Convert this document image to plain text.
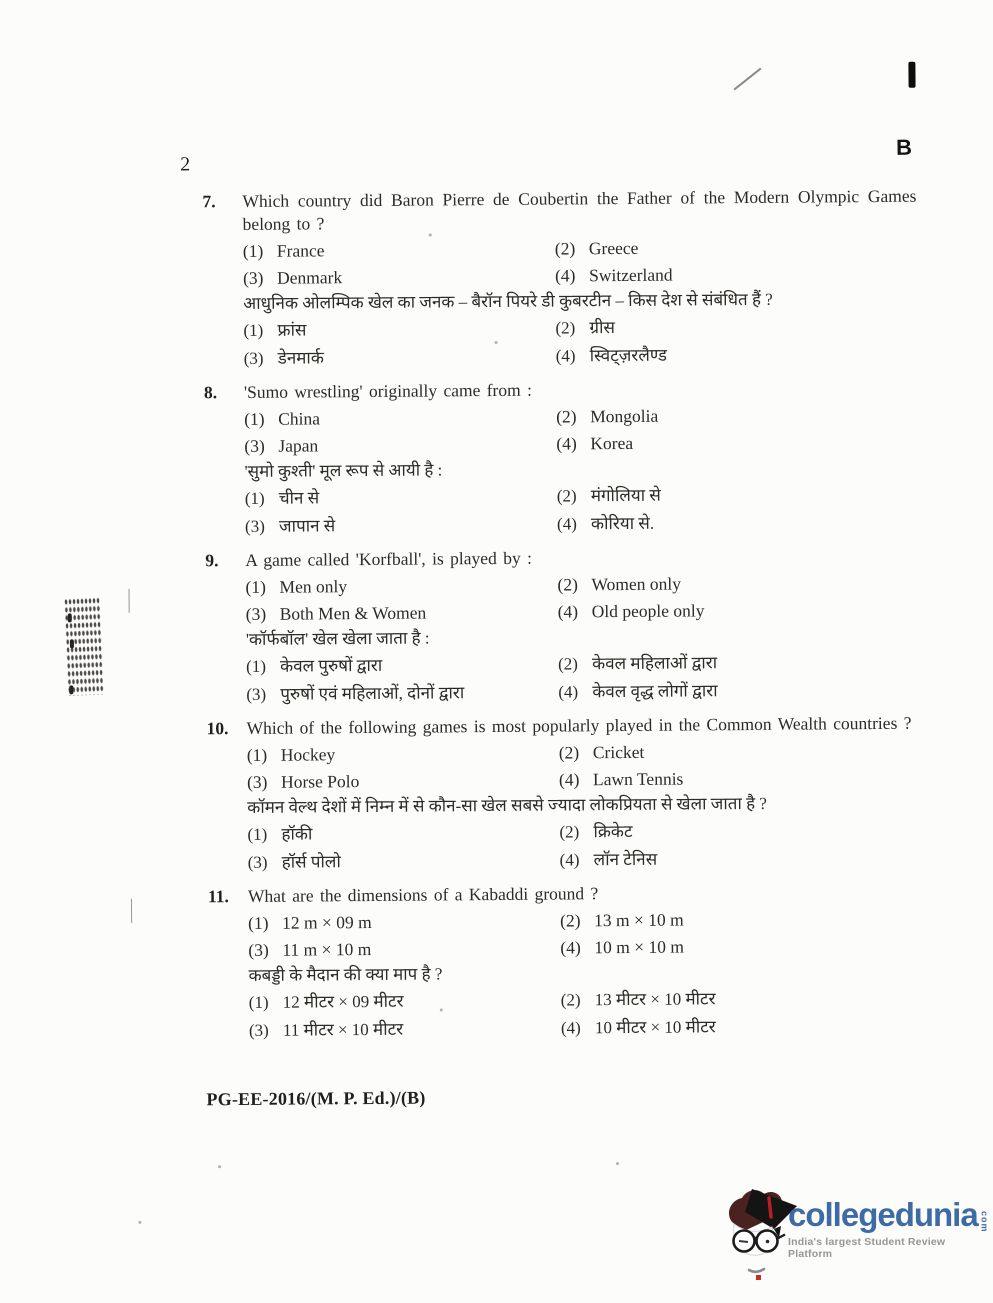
2
B
7.	Which country did Baron Pierre de Coubertin the Father of the Modern Olympic Games belong to ?
(1) France	(2) Greece
(3) Denmark	(4) Switzerland
आधुनिक ओलम्पिक खेल का जनक – बैरॉन पियरे डी कुबरटीन – किस देश से संबंधित हैं ?
(1) फ्रांस	(2) ग्रीस
(3) डेनमार्क	(4) स्विट्ज़रलैण्ड
8.	'Sumo wrestling' originally came from :
(1) China	(2) Mongolia
(3) Japan	(4) Korea
'सुमो कुश्ती' मूल रूप से आयी है :
(1) चीन से	(2) मंगोलिया से
(3) जापान से	(4) कोरिया से.
9.	A game called 'Korfball', is played by :
(1) Men only	(2) Women only
(3) Both Men & Women	(4) Old people only
'कॉर्फबॉल' खेल खेला जाता है :
(1) केवल पुरुषों द्वारा	(2) केवल महिलाओं द्वारा
(3) पुरुषों एवं महिलाओं, दोनों द्वारा	(4) केवल वृद्ध लोगों द्वारा
10.	Which of the following games is most popularly played in the Common Wealth countries ?
(1) Hockey	(2) Cricket
(3) Horse Polo	(4) Lawn Tennis
कॉमन वेल्थ देशों में निम्न में से कौन-सा खेल सबसे ज्यादा लोकप्रियता से खेला जाता है ?
(1) हॉकी	(2) क्रिकेट
(3) हॉर्स पोलो	(4) लॉन टेनिस
11.	What are the dimensions of a Kabaddi ground ?
(1) 12 m × 09 m	(2) 13 m × 10 m
(3) 11 m × 10 m	(4) 10 m × 10 m
कबड्डी के मैदान की क्या माप है ?
(1) 12 मीटर × 09 मीटर	(2) 13 मीटर × 10 मीटर
(3) 11 मीटर × 10 मीटर	(4) 10 मीटर × 10 मीटर
PG-EE-2016/(M. P. Ed.)/(B)
collegedunia com
India's largest Student Review Platform
